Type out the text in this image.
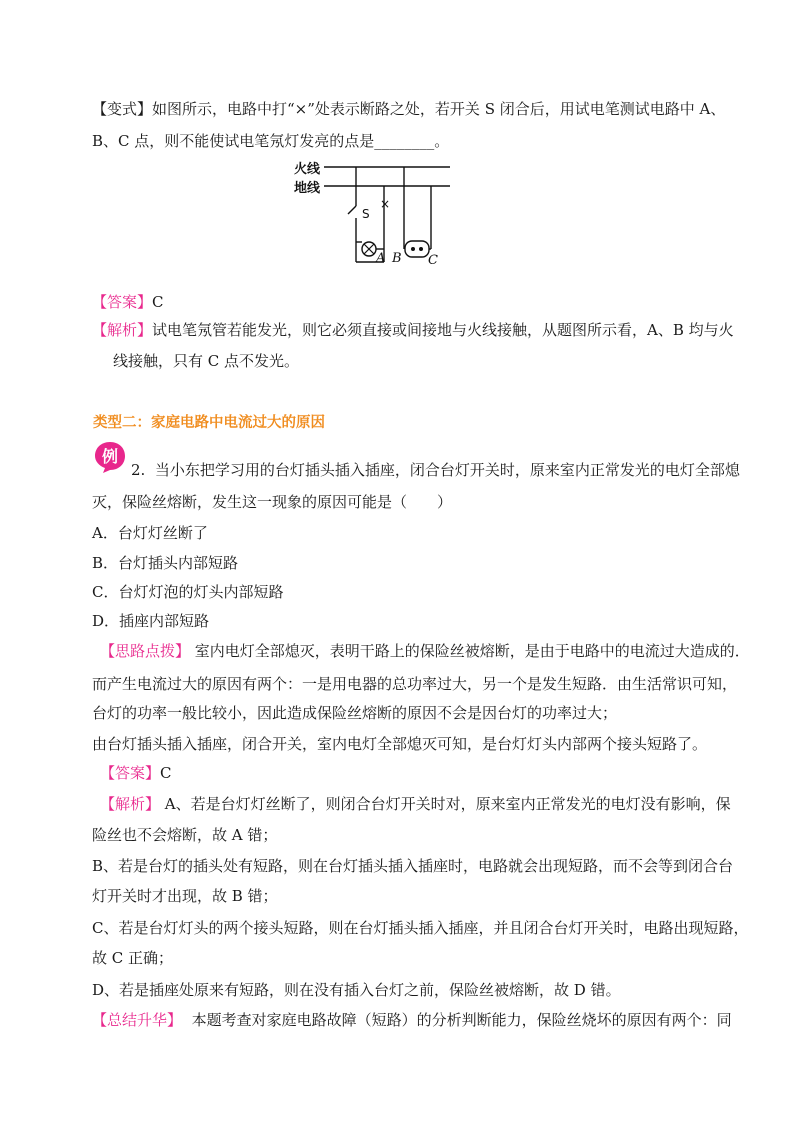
【变式】如图所示，电路中打“×”处表示断路之处，若开关 S 闭合后，用试电笔测试电路中 A、
B、C 点，则不能使试电笔氖灯发亮的点是________。
火线
地线
S
×
A B C
【答案】C
【解析】试电笔氖管若能发光，则它必须直接或间接地与火线接触，从题图所示看，A、B 均与火
线接触，只有 C 点不发光。
类型二：家庭电路中电流过大的原因
例
2. 当小东把学习用的台灯插头插入插座，闭合台灯开关时，原来室内正常发光的电灯全部熄
灭，保险丝熔断，发生这一现象的原因可能是（　　）
A．台灯灯丝断了
B．台灯插头内部短路
C．台灯灯泡的灯头内部短路
D．插座内部短路
【思路点拨】 室内电灯全部熄灭，表明干路上的保险丝被熔断，是由于电路中的电流过大造成的．
而产生电流过大的原因有两个：一是用电器的总功率过大，另一个是发生短路．由生活常识可知，
台灯的功率一般比较小，因此造成保险丝熔断的原因不会是因台灯的功率过大；
由台灯插头插入插座，闭合开关，室内电灯全部熄灭可知，是台灯灯头内部两个接头短路了。
【答案】C
【解析】 A、若是台灯灯丝断了，则闭合台灯开关时对，原来室内正常发光的电灯没有影响，保
险丝也不会熔断，故 A 错；
B、若是台灯的插头处有短路，则在台灯插头插入插座时，电路就会出现短路，而不会等到闭合台
灯开关时才出现，故 B 错；
C、若是台灯灯头的两个接头短路，则在台灯插头插入插座，并且闭合台灯开关时，电路出现短路，
故 C 正确；
D、若是插座处原来有短路，则在没有插入台灯之前，保险丝被熔断，故 D 错。
【总结升华】 本题考查对家庭电路故障（短路）的分析判断能力，保险丝烧坏的原因有两个：同
